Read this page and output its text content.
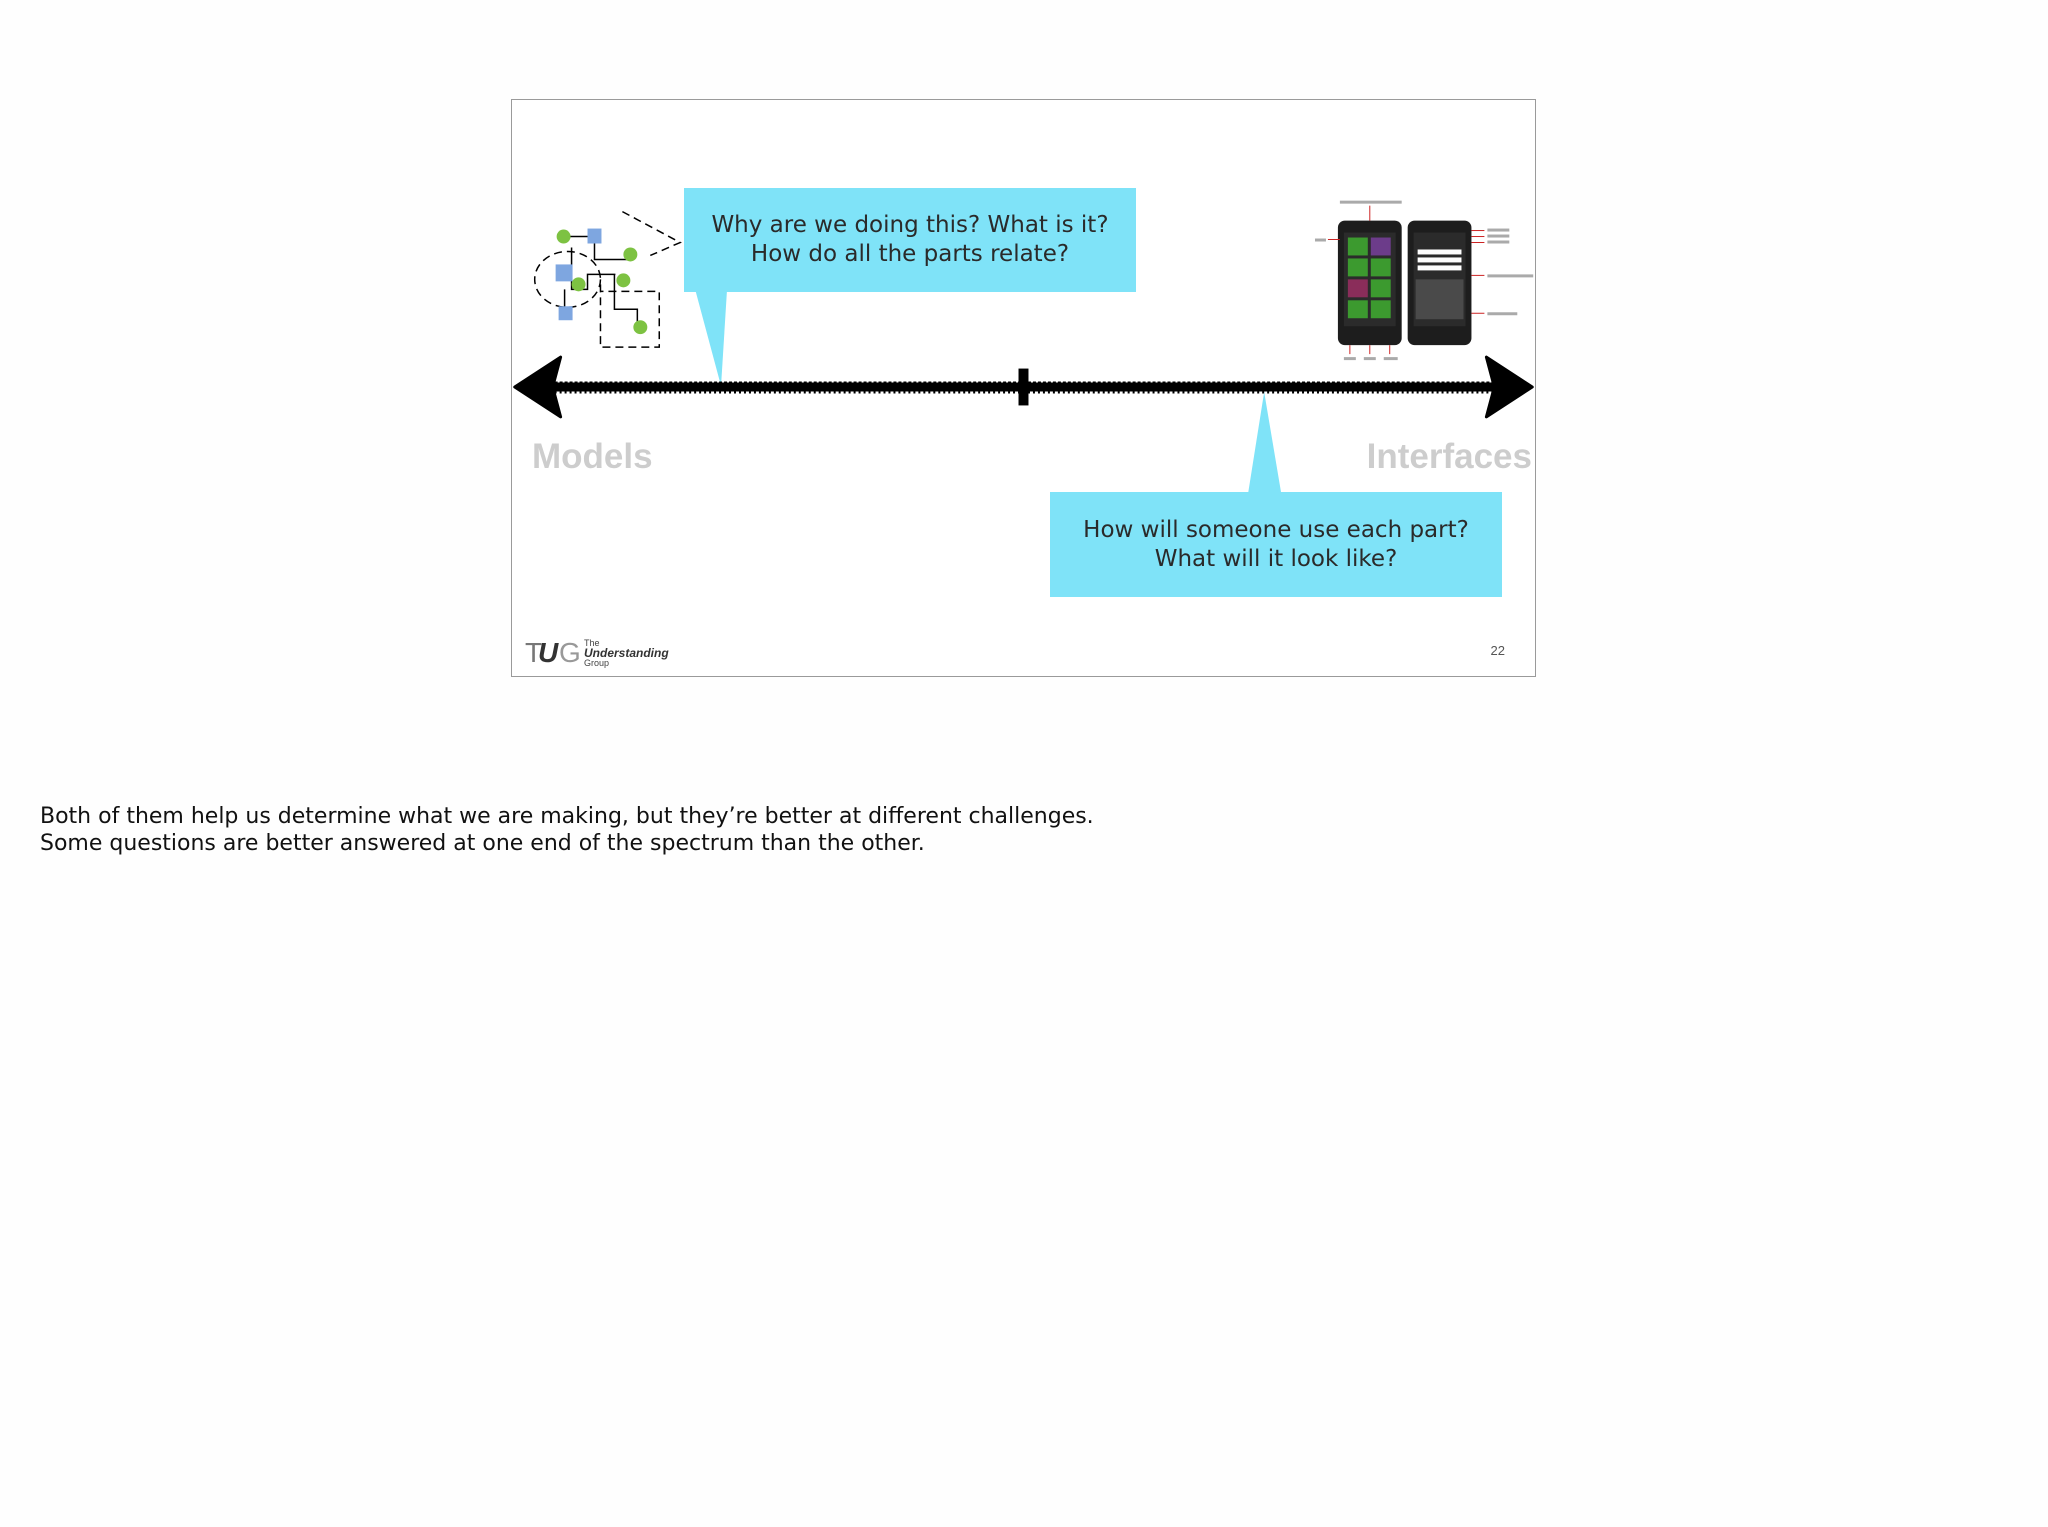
Why are we doing this? What is it? How do all the parts relate?
How will someone use each part? What will it look like?
Models	Interfaces
T
U G The
Understanding
Group
22

Both of them help us determine what we are making, but they’re better at different challenges.

Some questions are better answered at one end of the spectrum than the other.
